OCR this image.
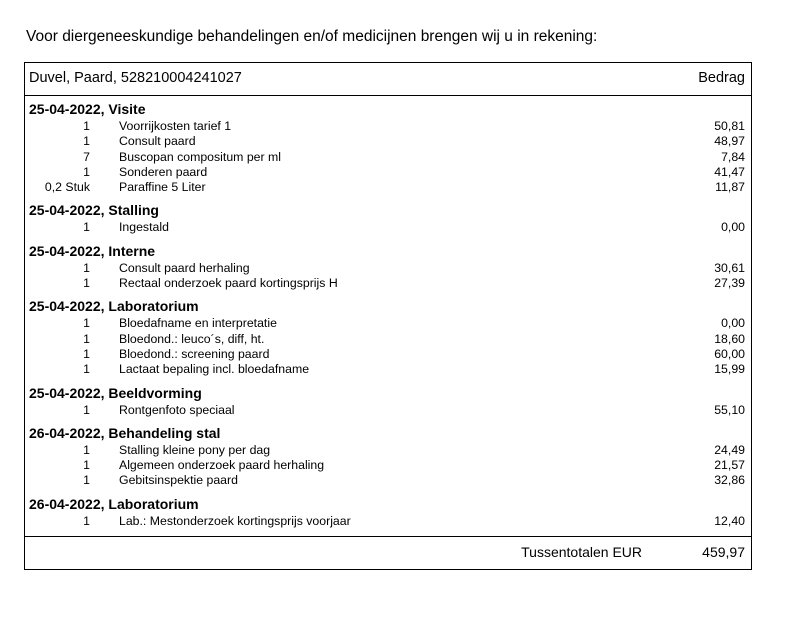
Voor diergeneeskundige behandelingen en/of medicijnen brengen wij u in rekening:
Duvel, Paard, 528210004241027	Bedrag
25-04-2022, Visite
1 Voorrijkosten tarief 1	50,81
1 Consult paard	48,97
7 Buscopan compositum per ml	7,84
1 Sonderen paard	41,47
0,2 Stuk Paraffine 5 Liter	11,87
25-04-2022, Stalling
1 Ingestald	0,00
25-04-2022, Interne
1 Consult paard herhaling	30,61
1 Rectaal onderzoek paard kortingsprijs H	27,39
25-04-2022, Laboratorium
1 Bloedafname en interpretatie	0,00
1 Bloedond.: leuco´s, diff, ht.	18,60
1 Bloedond.: screening paard	60,00
1 Lactaat bepaling incl. bloedafname	15,99
25-04-2022, Beeldvorming
1 Rontgenfoto speciaal	55,10
26-04-2022, Behandeling stal
1 Stalling kleine pony per dag	24,49
1 Algemeen onderzoek paard herhaling	21,57
1 Gebitsinspektie paard	32,86
26-04-2022, Laboratorium
1 Lab.: Mestonderzoek kortingsprijs voorjaar	12,40
Tussentotalen EUR	459,97
